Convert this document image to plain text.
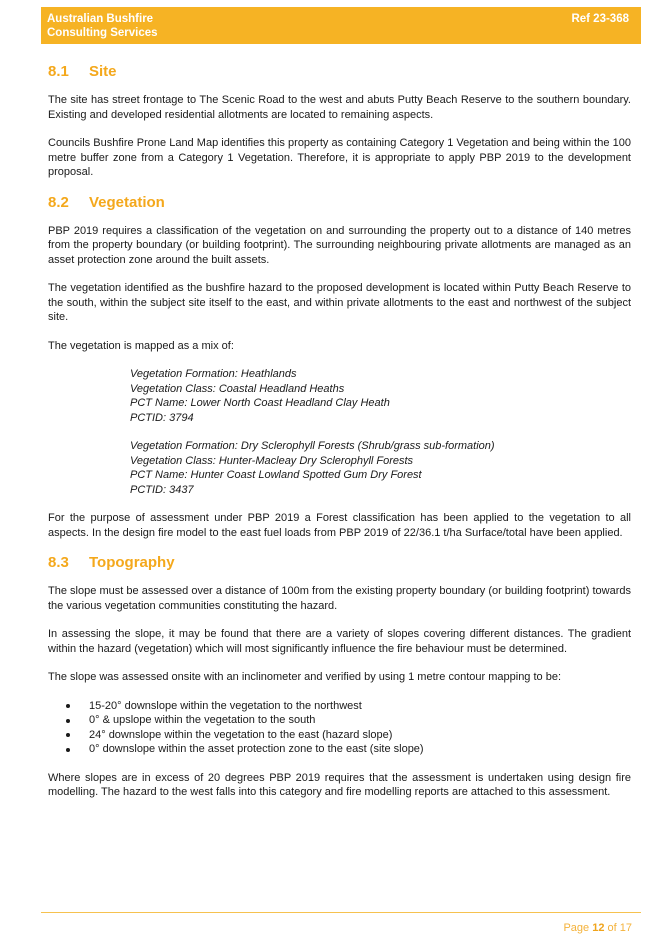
Australian Bushfire
Consulting Services
Ref 23-368
8.1 Site

The site has street frontage to The Scenic Road to the west and abuts Putty Beach Reserve to the southern boundary. Existing and developed residential allotments are located to remaining aspects.

Councils Bushfire Prone Land Map identifies this property as containing Category 1 Vegetation and being within the 100 metre buffer zone from a Category 1 Vegetation. Therefore, it is appropriate to apply PBP 2019 to the development proposal.

8.2 Vegetation

PBP 2019 requires a classification of the vegetation on and surrounding the property out to a distance of 140 metres from the property boundary (or building footprint). The surrounding neighbouring private allotments are managed as an asset protection zone around the built assets.

The vegetation identified as the bushfire hazard to the proposed development is located within Putty Beach Reserve to the south, within the subject site itself to the east, and within private allotments to the east and northwest of the subject site.

The vegetation is mapped as a mix of:

Vegetation Formation: Heathlands
Vegetation Class: Coastal Headland Heaths
PCT Name: Lower North Coast Headland Clay Heath
PCTID: 3794
Vegetation Formation: Dry Sclerophyll Forests (Shrub/grass sub-formation)
Vegetation Class: Hunter-Macleay Dry Sclerophyll Forests
PCT Name: Hunter Coast Lowland Spotted Gum Dry Forest
PCTID: 3437

For the purpose of assessment under PBP 2019 a Forest classification has been applied to the vegetation to all aspects. In the design fire model to the east fuel loads from PBP 2019 of 22/36.1 t/ha Surface/total have been applied.

8.3 Topography

The slope must be assessed over a distance of 100m from the existing property boundary (or building footprint) towards the various vegetation communities constituting the hazard.

In assessing the slope, it may be found that there are a variety of slopes covering different distances. The gradient within the hazard (vegetation) which will most significantly influence the fire behaviour must be determined.

The slope was assessed onsite with an inclinometer and verified by using 1 metre contour mapping to be:

15-20° downslope within the vegetation to the northwest
0° & upslope within the vegetation to the south
24° downslope within the vegetation to the east (hazard slope)
0° downslope within the asset protection zone to the east (site slope)

Where slopes are in excess of 20 degrees PBP 2019 requires that the assessment is undertaken using design fire modelling. The hazard to the west falls into this category and fire modelling reports are attached to this assessment.

Page 12 of 17
